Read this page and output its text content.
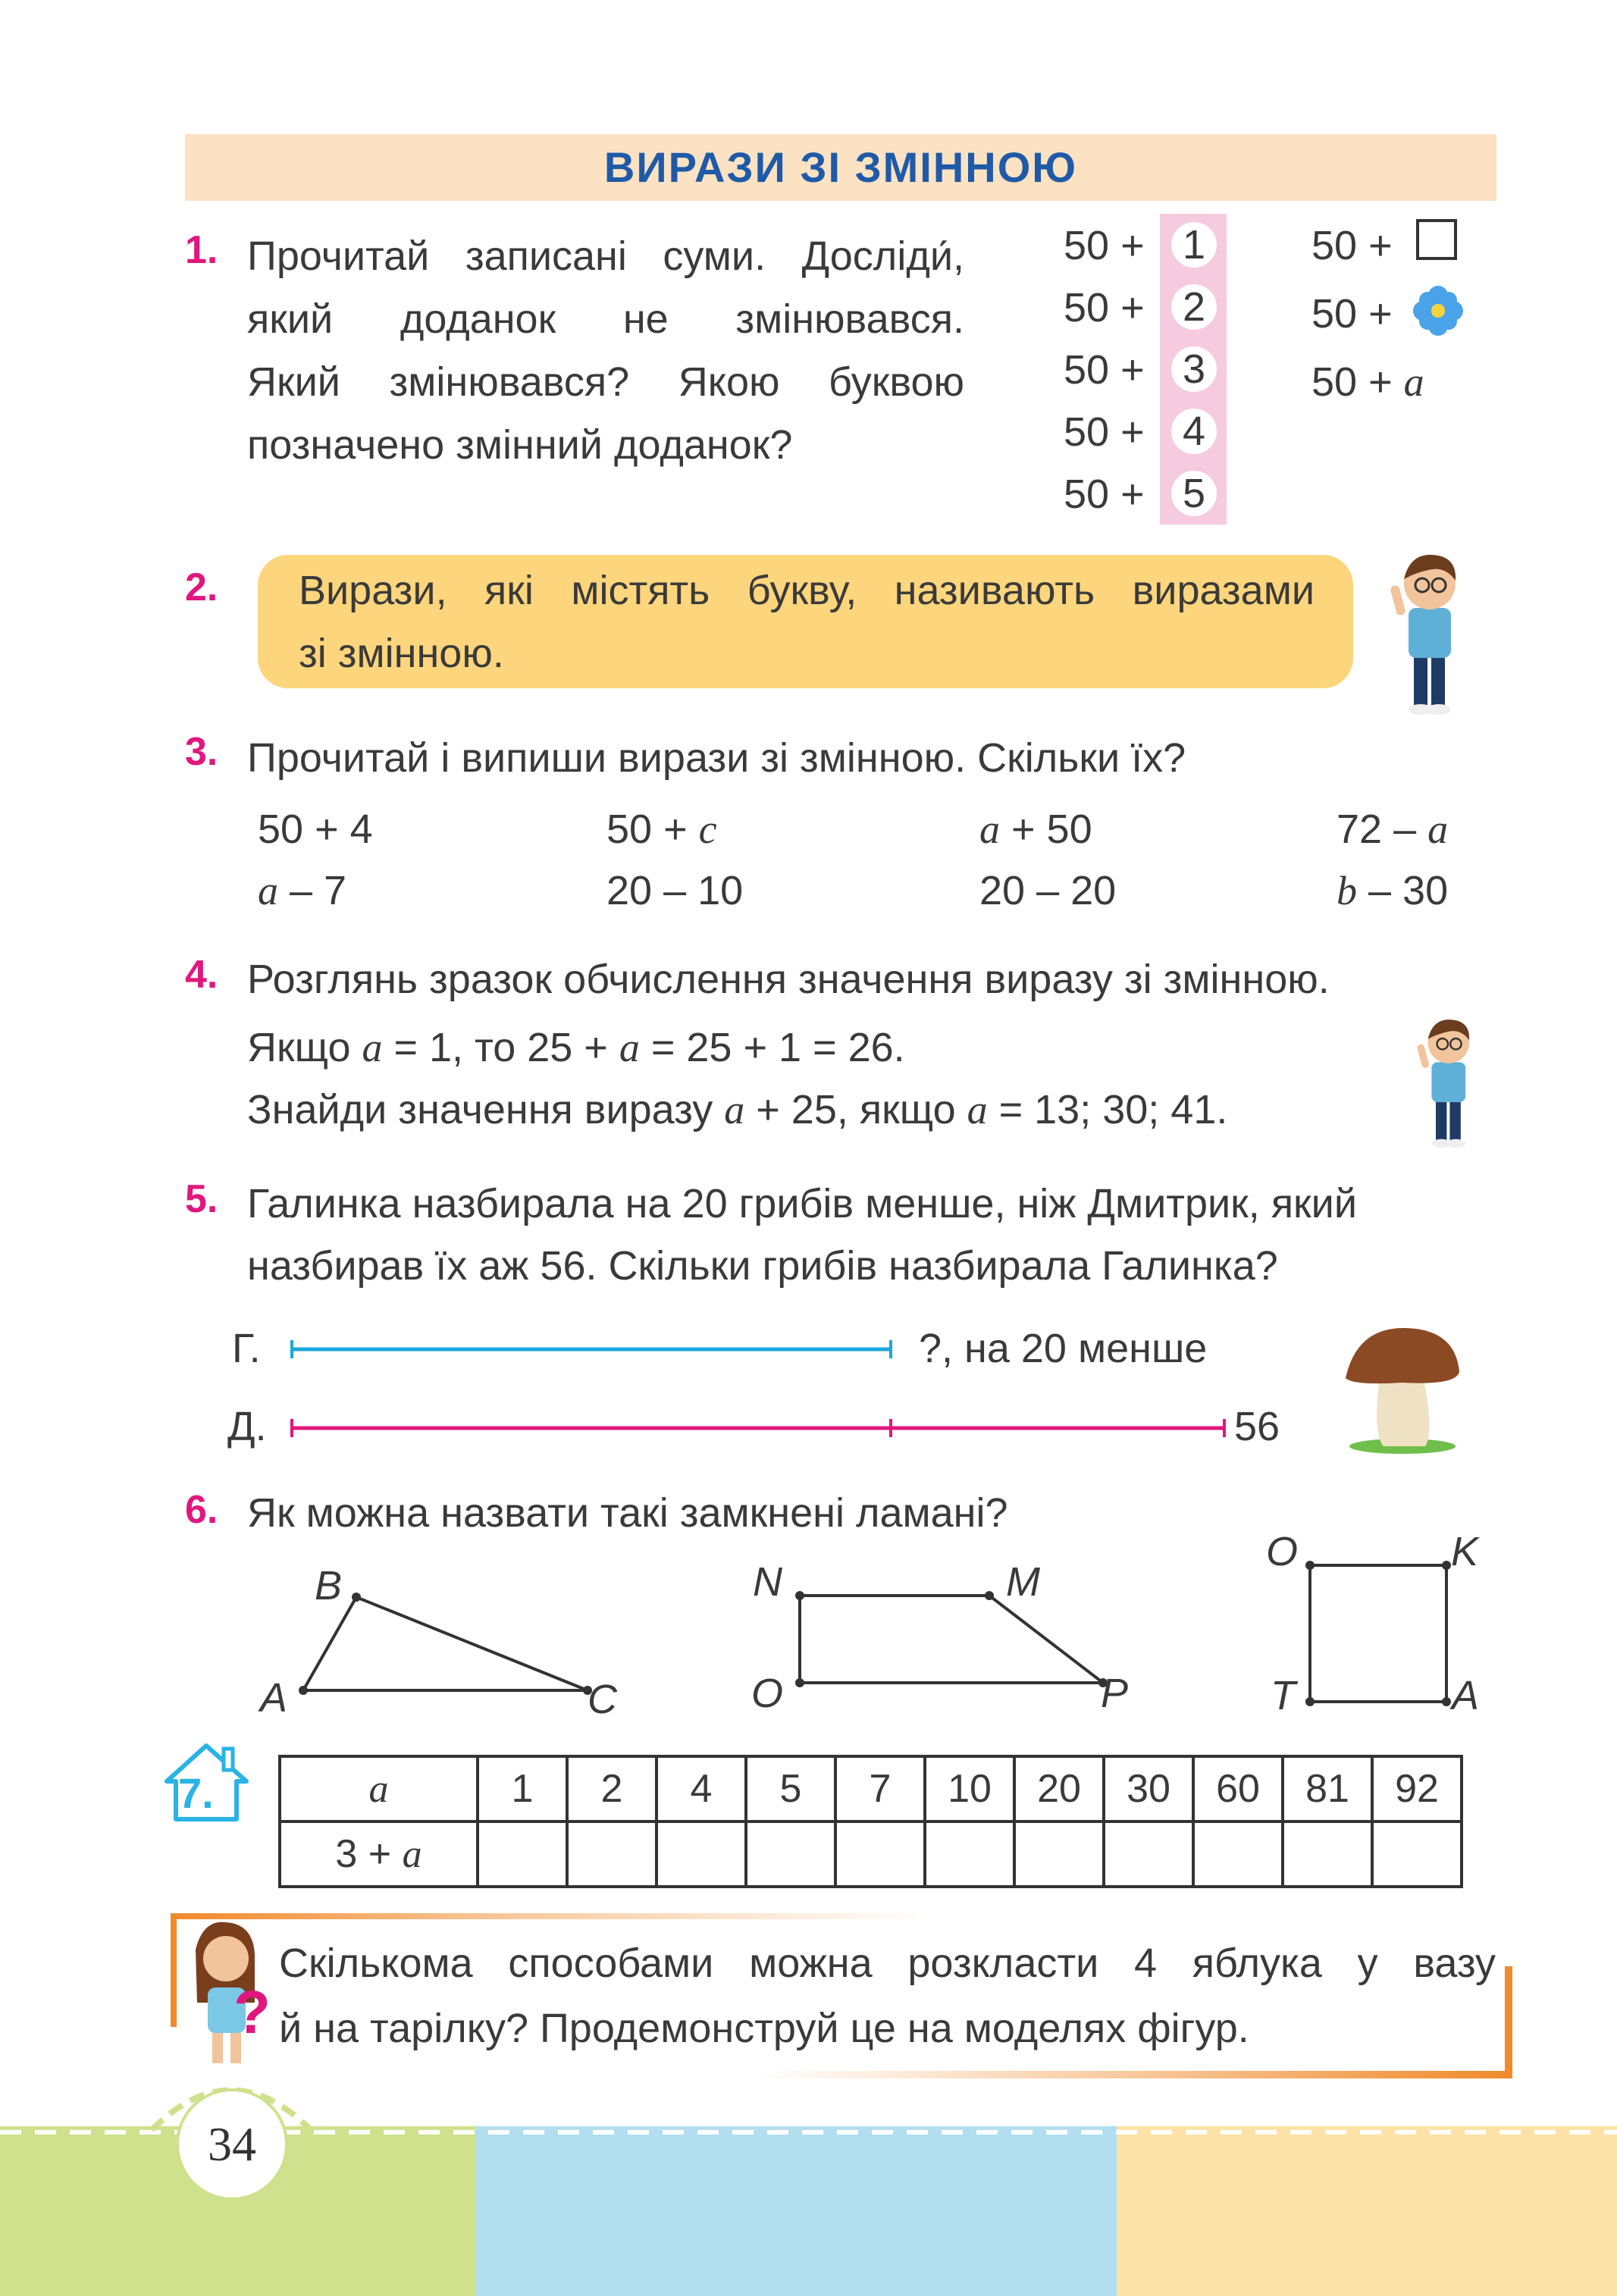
ВИРАЗИ ЗІ ЗМІННОЮ
1. Прочитай записані суми. Досліди́,
який доданок не змінювався.
Який змінювався? Якою буквою
позначено змінний доданок?
50 + 1
50 + 2
50 + 3
50 + 4
50 + 5
50 +
50 +
50 + a
2. Вирази, які містять букву, називають виразами
зі змінною.
3. Прочитай і випиши вирази зі змінною. Скільки їх?
50 + 4	50 + c	a + 50	72 – a
a – 7	20 – 10	20 – 20	b – 30
4. Розглянь зразок обчислення значення виразу зі змінною.
Якщо a = 1, то 25 + a = 25 + 1 = 26.
Знайди значення виразу a + 25, якщо a = 13; 30; 41.
5. Галинка назбирала на 20 грибів менше, ніж Дмитрик, який
назбирав їх аж 56. Скільки грибів назбирала Галинка?
Г.	?, на 20 менше
Д.	56
6. Як можна назвати такі замкнені ламані?
B
A	C
N	M
O	P
O	K
T	A
7.	a	1	2	4	5	7	10	20	30	60	81	92
3 + a											
?
Скількома способами можна розкласти 4 яблука у вазу
й на тарілку? Продемонструй це на моделях фігур.
34
